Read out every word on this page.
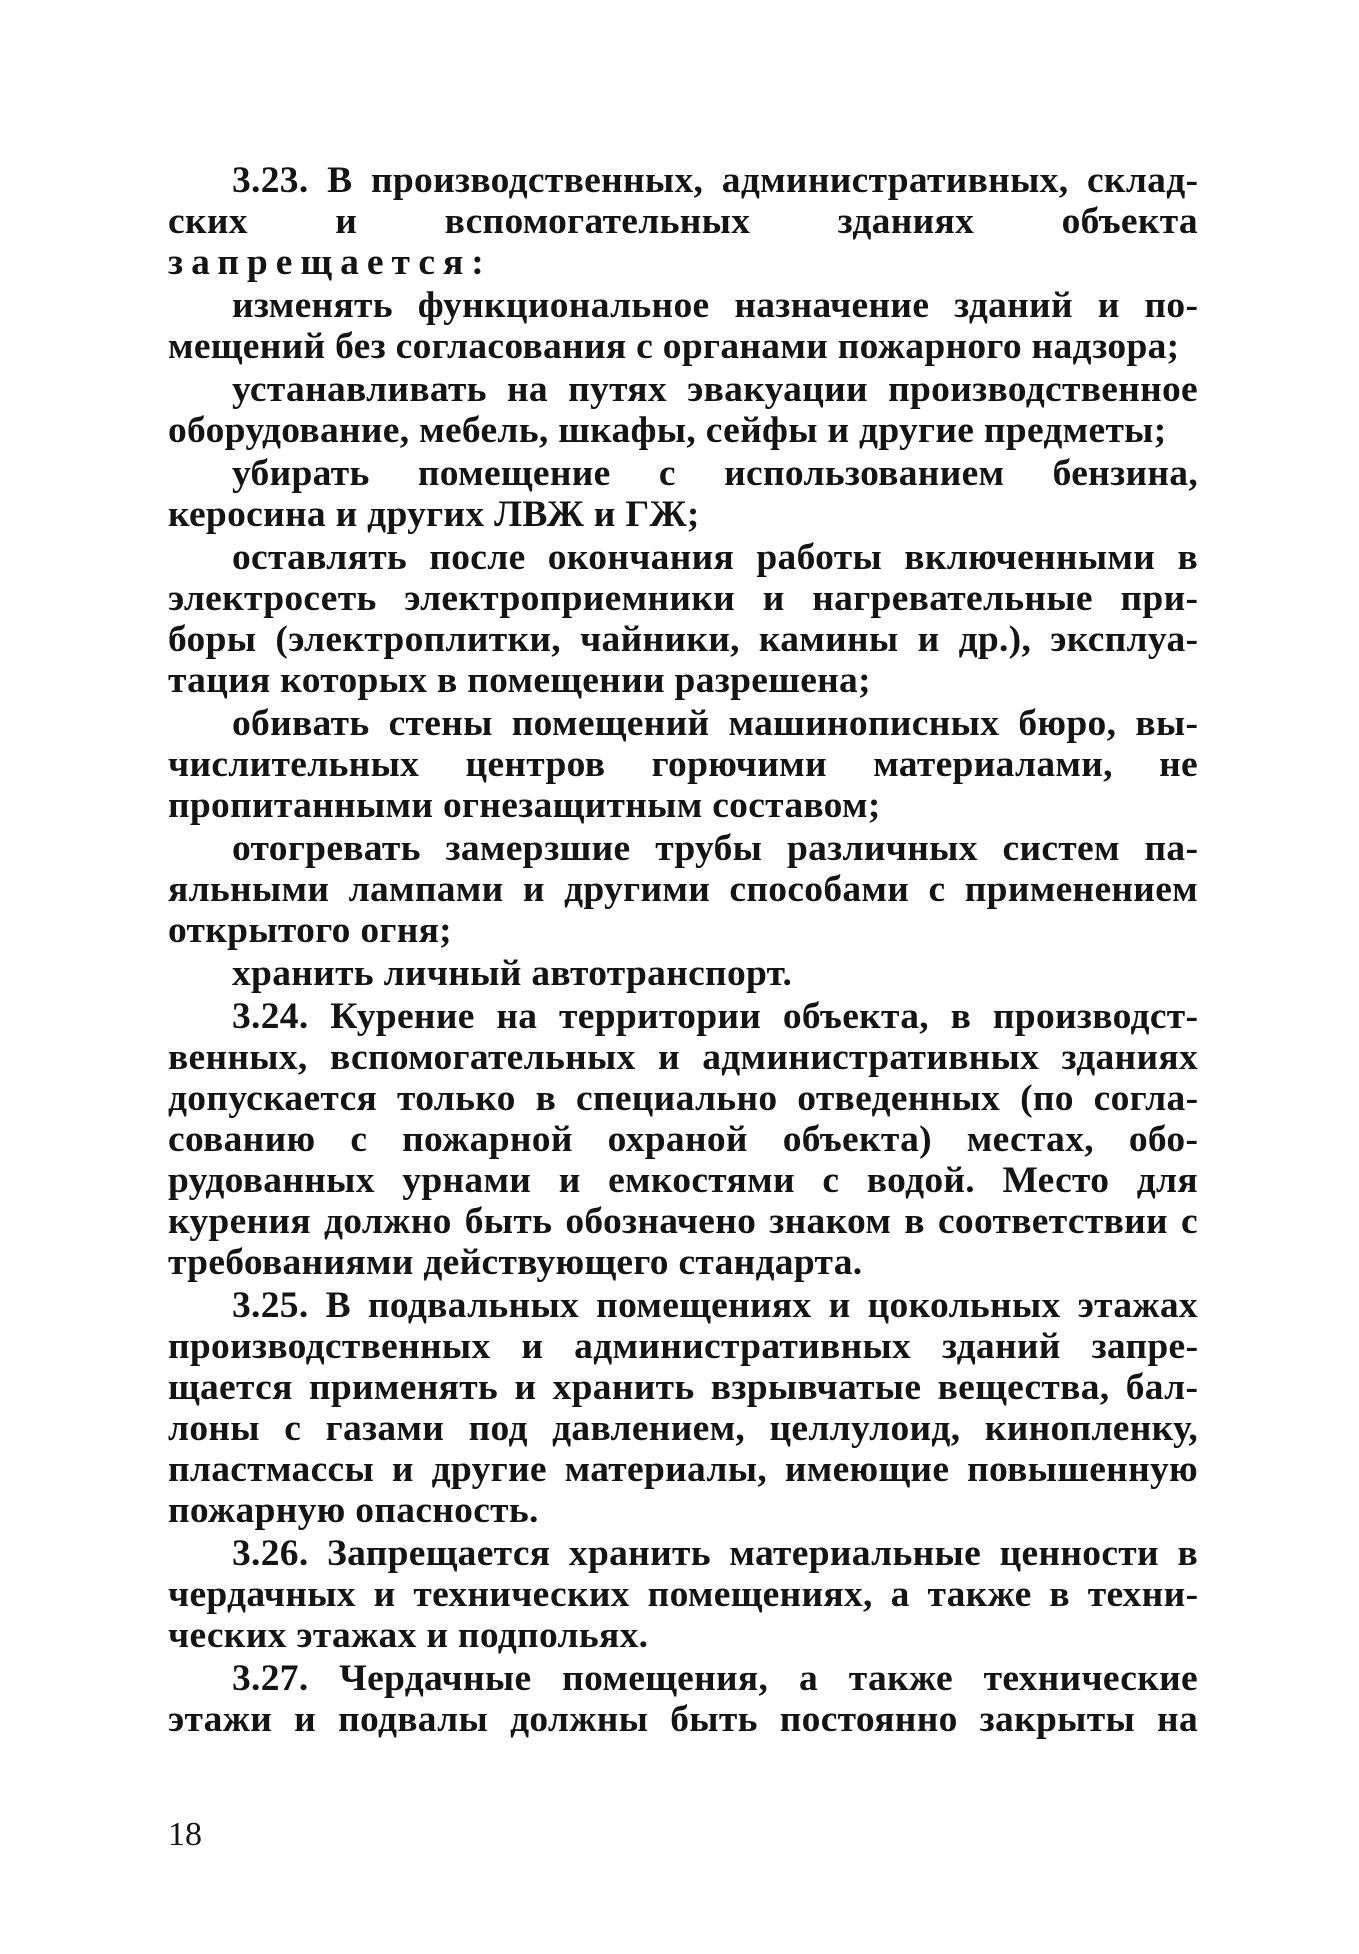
3.23. В производственных, административных, складских и вспомогательных зданиях объекта запрещается:

изменять функциональное назначение зданий и помещений без согласования с органами пожарного надзора;

устанавливать на путях эвакуации производственное оборудование, мебель, шкафы, сейфы и другие предметы;

убирать помещение с использованием бензина, керосина и других ЛВЖ и ГЖ;

оставлять после окончания работы включенными в электросеть электроприемники и нагревательные приборы (электроплитки, чайники, камины и др.), эксплуатация которых в помещении разрешена;

обивать стены помещений машинописных бюро, вычислительных центров горючими материалами, не пропитанными огнезащитным составом;

отогревать замерзшие трубы различных систем паяльными лампами и другими способами с применением открытого огня;

хранить личный автотранспорт.

3.24. Курение на территории объекта, в производственных, вспомогательных и административных зданиях допускается только в специально отведенных (по согласованию с пожарной охраной объекта) местах, оборудованных урнами и емкостями с водой. Место для курения должно быть обозначено знаком в соответствии с требованиями действующего стандарта.

3.25. В подвальных помещениях и цокольных этажах производственных и административных зданий запрещается применять и хранить взрывчатые вещества, баллоны с газами под давлением, целлулоид, кинопленку, пластмассы и другие материалы, имеющие повышенную пожарную опасность.

3.26. Запрещается хранить материальные ценности в чердачных и технических помещениях, а также в технических этажах и подпольях.

3.27. Чердачные помещения, а также технические этажи и подвалы должны быть постоянно закрыты на

18
